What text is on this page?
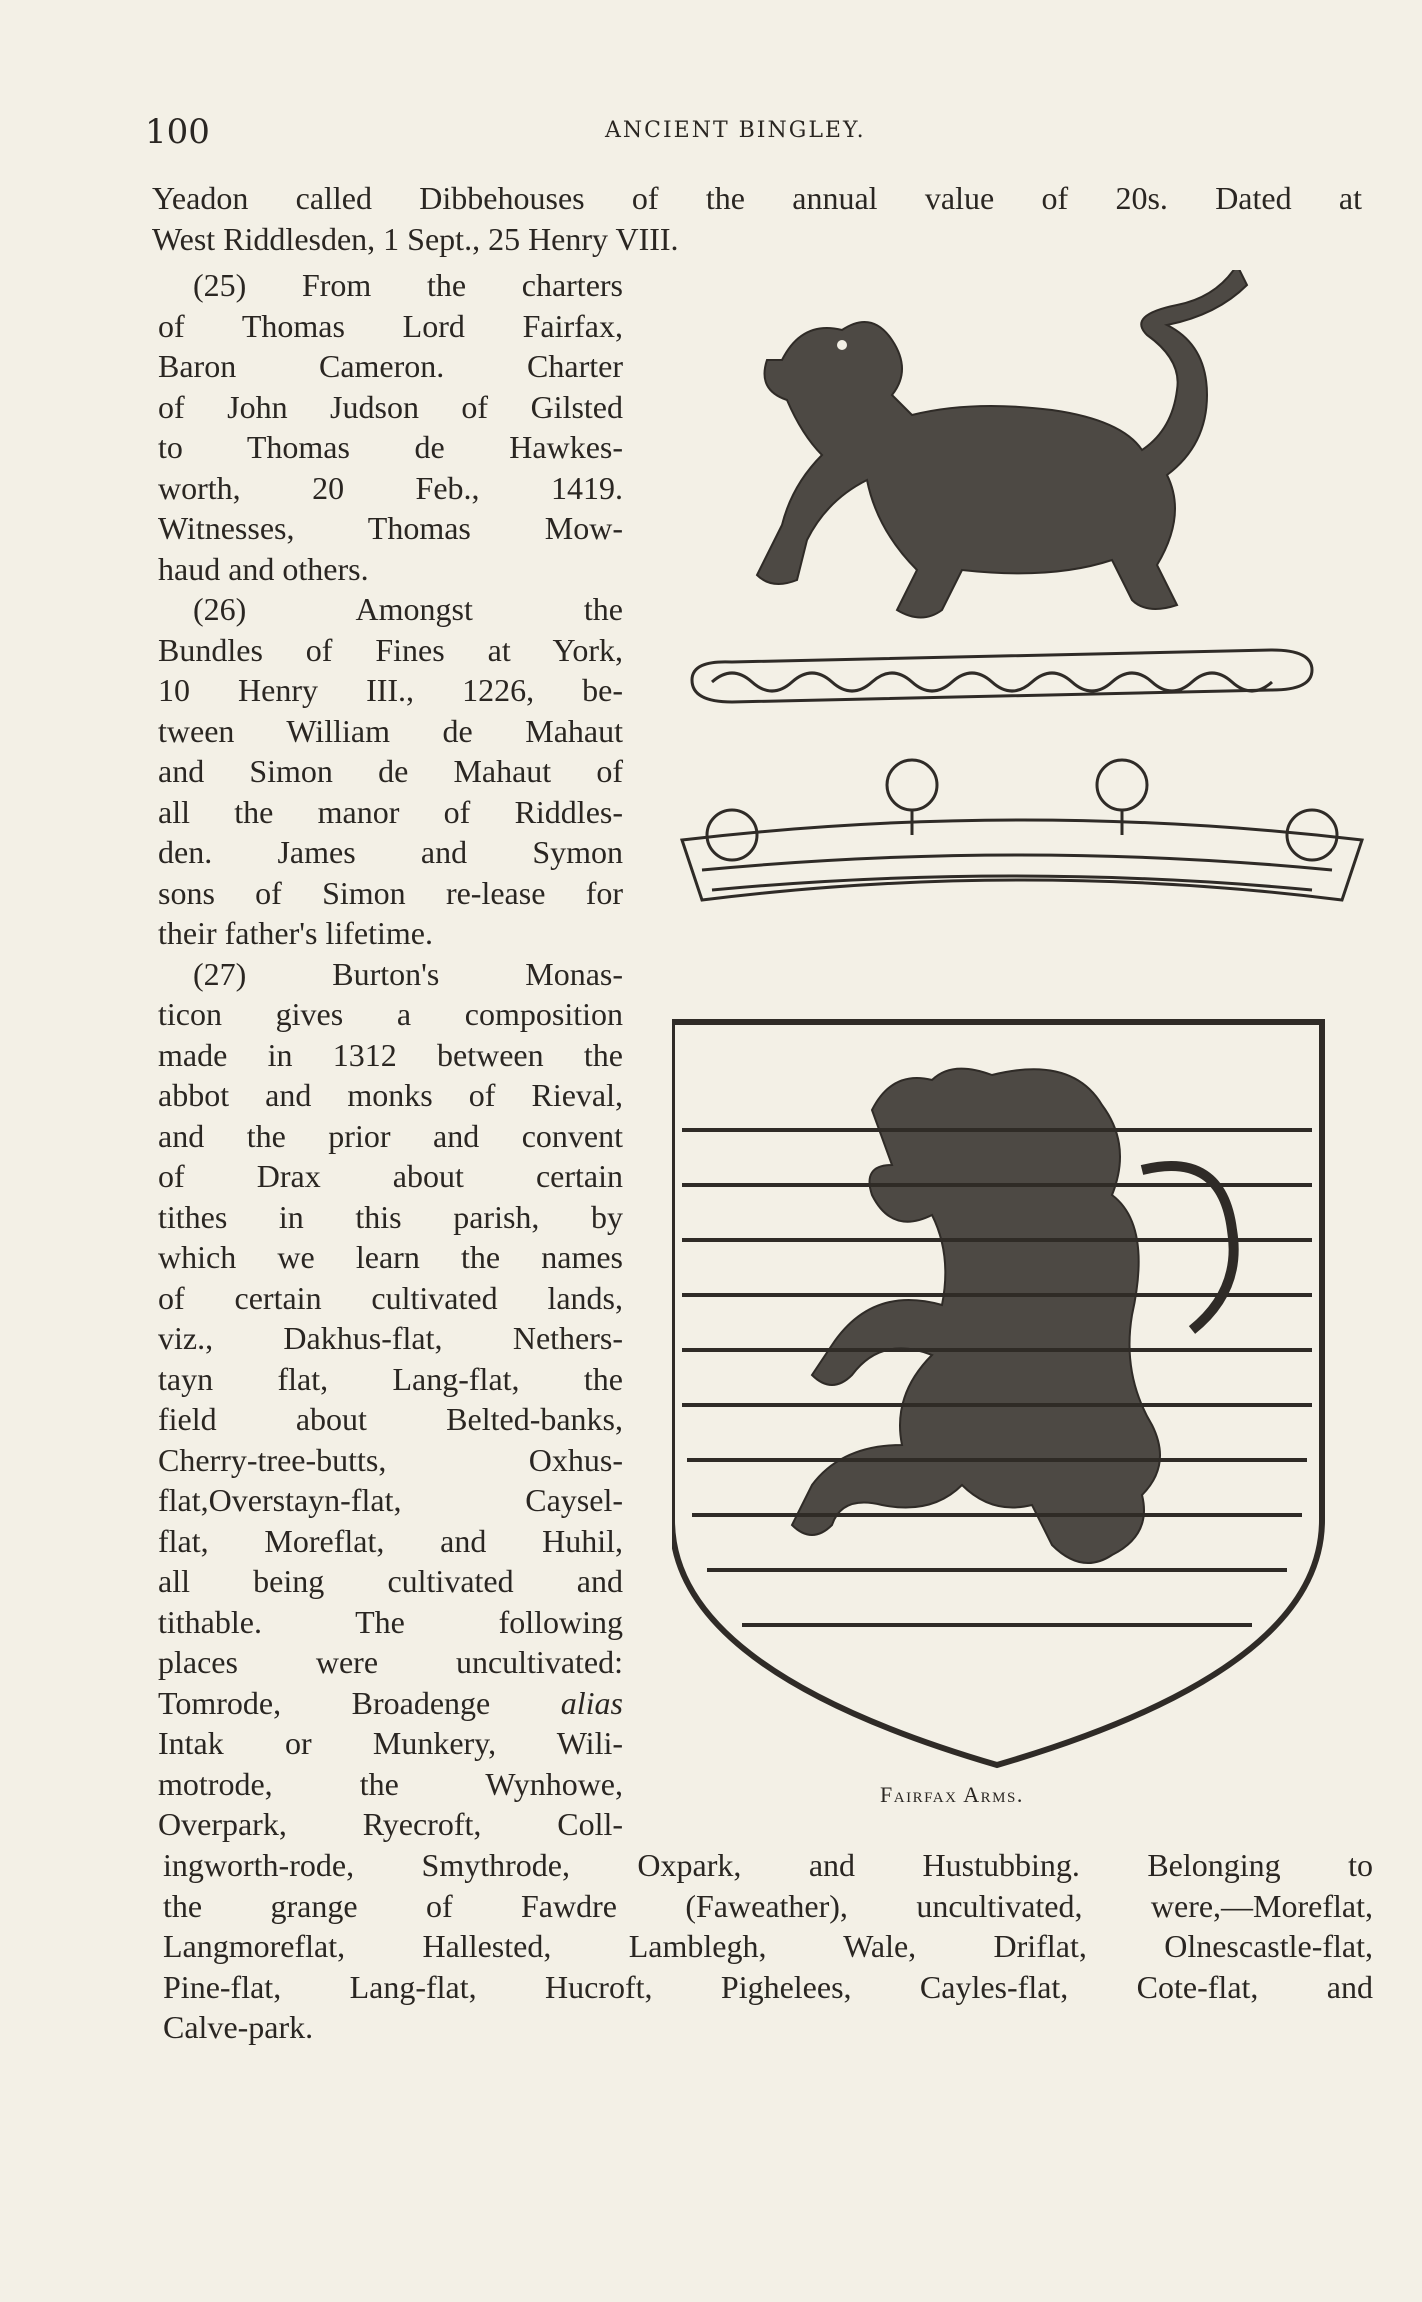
100	ANCIENT BINGLEY.
Yeadon called Dibbehouses of the annual value of 20s. Dated at
West Riddlesden, 1 Sept., 25 Henry VIII.
(25) From the charters
of Thomas Lord Fairfax,
Baron Cameron. Charter
of John Judson of Gilsted
to Thomas de Hawkes-
worth, 20 Feb., 1419.
Witnesses, Thomas Mow-
haud and others.
(26) Amongst the
Bundles of Fines at York,
10 Henry III., 1226, be-
tween William de Mahaut
and Simon de Mahaut of
all the manor of Riddles-
den. James and Symon
sons of Simon re-lease for
their father's lifetime.
(27) Burton's Monas-
ticon gives a composition
made in 1312 between the
abbot and monks of Rieval,
and the prior and convent
of Drax about certain
tithes in this parish, by
which we learn the names
of certain cultivated lands,
viz., Dakhus-flat, Nethers-
tayn flat, Lang-flat, the
field about Belted-banks,
Cherry-tree-butts, Oxhus-
flat,Overstayn-flat, Caysel-
flat, Moreflat, and Huhil,
all being cultivated and
tithable. The following
places were uncultivated:
Tomrode, Broadenge alias
Intak or Munkery, Wili-
motrode, the Wynhowe,
Overpark, Ryecroft, Coll-
Fairfax Arms.
ingworth-rode, Smythrode, Oxpark, and Hustubbing. Belonging to
the grange of Fawdre (Faweather), uncultivated, were,—Moreflat,
Langmoreflat, Hallested, Lamblegh, Wale, Driflat, Olnescastle-flat,
Pine-flat, Lang-flat, Hucroft, Pighelees, Cayles-flat, Cote-flat, and
Calve-park.
